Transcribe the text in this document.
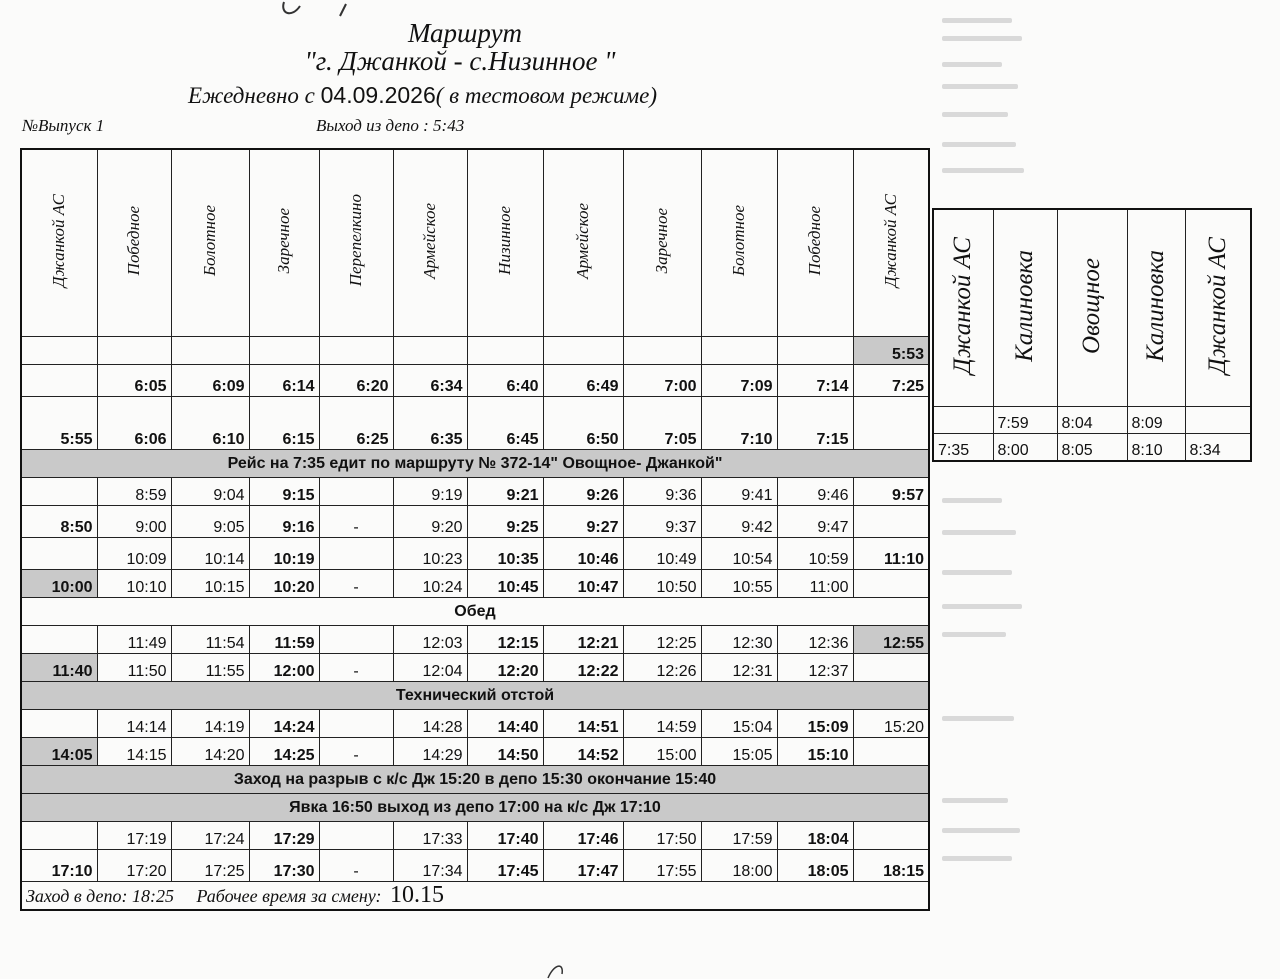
Маршрут
"г. Джанкой - с.Низинное "
Ежедневно с 04.09.2026( в тестовом режиме)
№Выпуск 1	Выход из депо : 5:43
Джанкой АС	Победное	Болотное	Заречное	Перепелкино	Армейское	Низинное	Армейское	Заречное	Болотное	Победное	Джанкой АС
											5:53
	6:05	6:09	6:14	6:20	6:34	6:40	6:49	7:00	7:09	7:14	7:25
5:55	6:06	6:10	6:15	6:25	6:35	6:45	6:50	7:05	7:10	7:15	
Рейс на 7:35 едит по маршруту № 372-14" Овощное- Джанкой"											
	8:59	9:04	9:15		9:19	9:21	9:26	9:36	9:41	9:46	9:57
8:50	9:00	9:05	9:16	-	9:20	9:25	9:27	9:37	9:42	9:47	
	10:09	10:14	10:19		10:23	10:35	10:46	10:49	10:54	10:59	11:10
10:00	10:10	10:15	10:20	-	10:24	10:45	10:47	10:50	10:55	11:00	
Обед											
	11:49	11:54	11:59		12:03	12:15	12:21	12:25	12:30	12:36	12:55
11:40	11:50	11:55	12:00	-	12:04	12:20	12:22	12:26	12:31	12:37	
Технический отстой											
	14:14	14:19	14:24		14:28	14:40	14:51	14:59	15:04	15:09	15:20
14:05	14:15	14:20	14:25	-	14:29	14:50	14:52	15:00	15:05	15:10	
Заход на разрыв с к/с Дж 15:20 в депо 15:30 окончание 15:40											
Явка 16:50 выход из депо 17:00 на к/с Дж 17:10											
	17:19	17:24	17:29		17:33	17:40	17:46	17:50	17:59	18:04	
17:10	17:20	17:25	17:30	-	17:34	17:45	17:47	17:55	18:00	18:05	18:15
Заход в депо: 18:25 Рабочее время за смену: 10.15											
Джанкой АС	Калиновка	Овощное	Калиновка	Джанкой АС
	7:59	8:04	8:09	
7:35	8:00	8:05	8:10	8:34
